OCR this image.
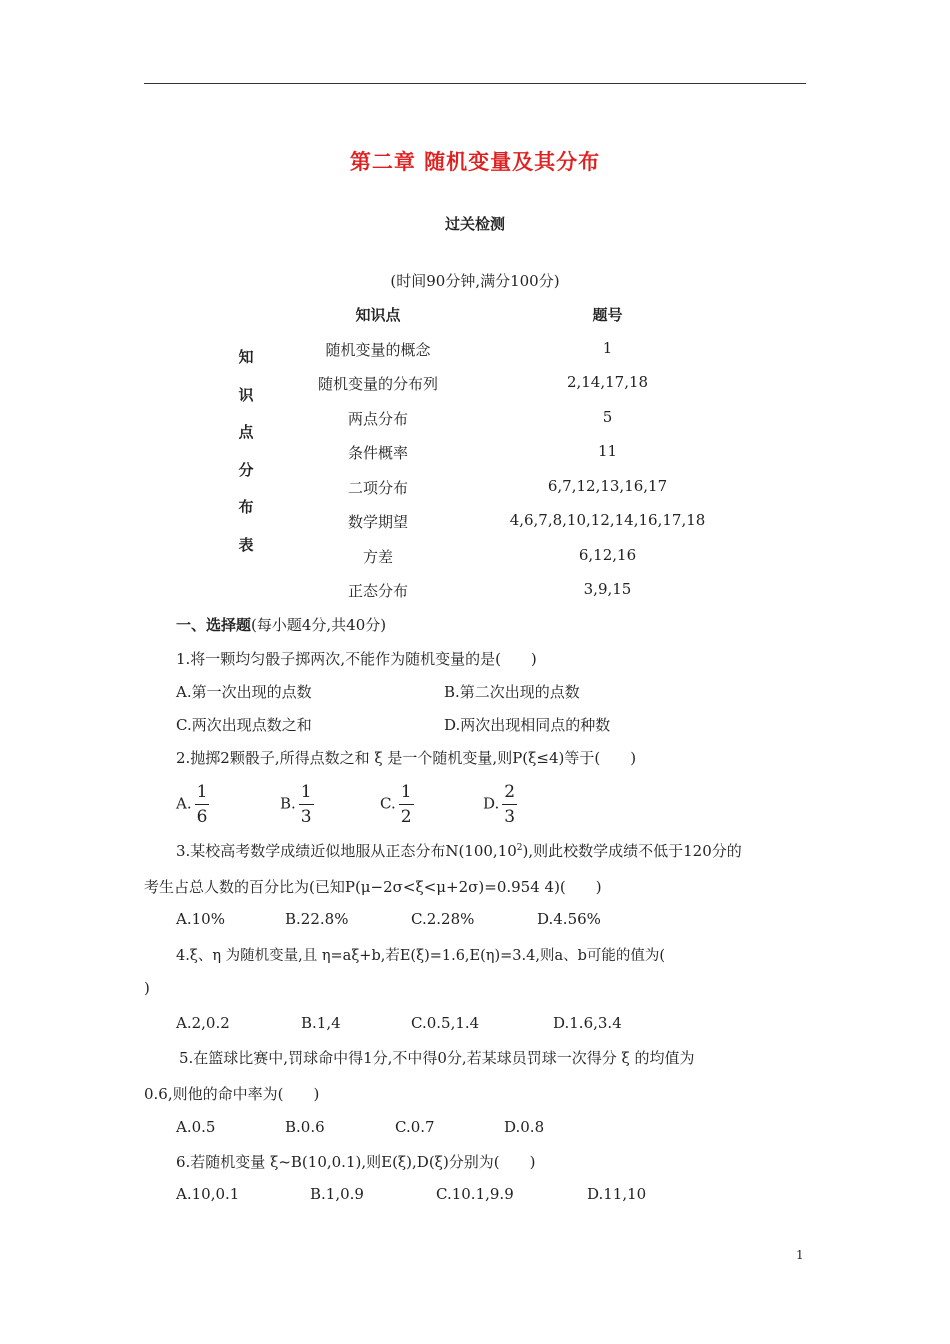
第二章 随机变量及其分布
过关检测
(时间90分钟,满分100分)
知
识
点
分
布
表
知识点	题号
随机变量的概念	1
随机变量的分布列	2,14,17,18
两点分布	5
条件概率	11
二项分布	6,7,12,13,16,17
数学期望	4,6,7,8,10,12,14,16,17,18
方差	6,12,16
正态分布	3,9,15
一、选择题(每小题4分,共40分)
1.将一颗均匀骰子掷两次,不能作为随机变量的是(　　)
A.第一次出现的点数	B.第二次出现的点数
C.两次出现点数之和	D.两次出现相同点的种数
2.抛掷2颗骰子,所得点数之和 ξ 是一个随机变量,则P(ξ≤4)等于(　　)
A. $\frac{1}{6}$	B. $\frac{1}{3}$	C. $\frac{1}{2}$	D. $\frac{2}{3}$
3.某校高考数学成绩近似地服从正态分布N(100,10$^2$),则此校数学成绩不低于120分的
考生占总人数的百分比为(已知P(μ−2σ<ξ<μ+2σ)=0.954 4)(　　)
A.10%	B.22.8%	C.2.28%	D.4.56%
4.ξ、η 为随机变量,且 η=aξ+b,若E(ξ)=1.6,E(η)=3.4,则a、b可能的值为(
)
A.2,0.2	B.1,4	C.0.5,1.4	D.1.6,3.4
5.在篮球比赛中,罚球命中得1分,不中得0分,若某球员罚球一次得分 ξ 的均值为
0.6,则他的命中率为(　　)
A.0.5	B.0.6	C.0.7	D.0.8
6.若随机变量 ξ~B(10,0.1),则E(ξ),D(ξ)分别为(　　)
A.10,0.1	B.1,0.9	C.10.1,9.9	D.11,10
1
